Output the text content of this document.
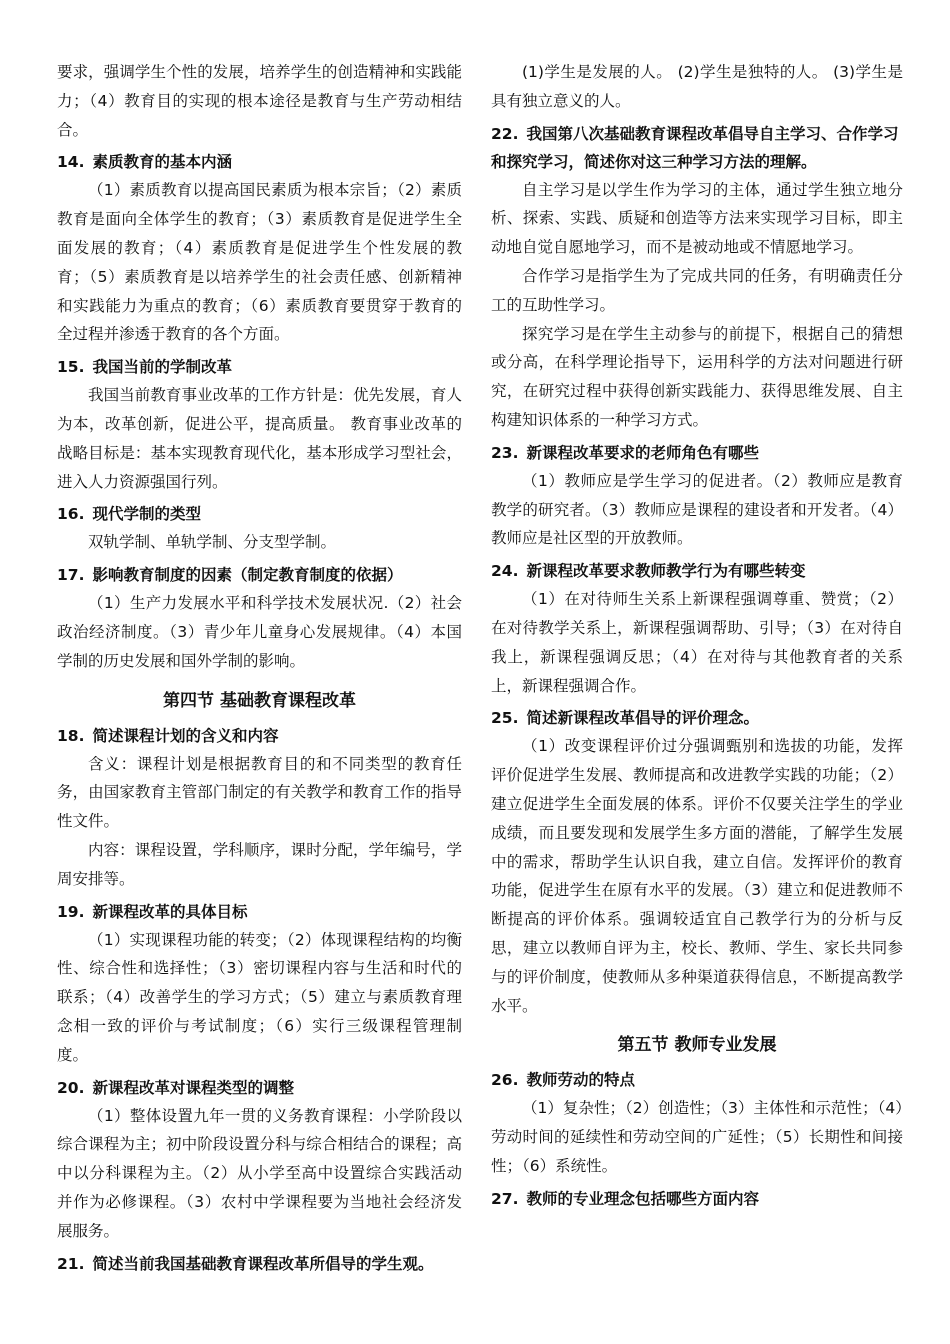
要求，强调学生个性的发展，培养学生的创造精神和实践能力；（4）教育目的实现的根本途径是教育与生产劳动相结合。

14. 素质教育的基本内涵

（1）素质教育以提高国民素质为根本宗旨；（2）素质教育是面向全体学生的教育；（3）素质教育是促进学生全面发展的教育；（4）素质教育是促进学生个性发展的教育；（5）素质教育是以培养学生的社会责任感、创新精神和实践能力为重点的教育；（6）素质教育要贯穿于教育的全过程并渗透于教育的各个方面。

15. 我国当前的学制改革

我国当前教育事业改革的工作方针是：优先发展，育人为本，改革创新，促进公平，提高质量。 教育事业改革的战略目标是：基本实现教育现代化，基本形成学习型社会，进入人力资源强国行列。

16. 现代学制的类型

双轨学制、单轨学制、分支型学制。

17. 影响教育制度的因素（制定教育制度的依据）

（1）生产力发展水平和科学技术发展状况.（2）社会政治经济制度。（3）青少年儿童身心发展规律。（4）本国学制的历史发展和国外学制的影响。

第四节 基础教育课程改革
18. 简述课程计划的含义和内容

含义：课程计划是根据教育目的和不同类型的教育任务，由国家教育主管部门制定的有关教学和教育工作的指导性文件。

内容：课程设置，学科顺序，课时分配，学年编号，学周安排等。

19. 新课程改革的具体目标

（1）实现课程功能的转变；（2）体现课程结构的均衡性、综合性和选择性；（3）密切课程内容与生活和时代的联系；（4）改善学生的学习方式；（5）建立与素质教育理念相一致的评价与考试制度；（6）实行三级课程管理制度。

20. 新课程改革对课程类型的调整

（1）整体设置九年一贯的义务教育课程：小学阶段以综合课程为主；初中阶段设置分科与综合相结合的课程；高中以分科课程为主。（2）从小学至高中设置综合实践活动并作为必修课程。（3）农村中学课程要为当地社会经济发展服务。

21. 简述当前我国基础教育课程改革所倡导的学生观。

(1)学生是发展的人。 (2)学生是独特的人。 (3)学生是具有独立意义的人。

22. 我国第八次基础教育课程改革倡导自主学习、合作学习和探究学习，简述你对这三种学习方法的理解。

自主学习是以学生作为学习的主体，通过学生独立地分析、探索、实践、质疑和创造等方法来实现学习目标，即主动地自觉自愿地学习，而不是被动地或不情愿地学习。

合作学习是指学生为了完成共同的任务，有明确责任分工的互助性学习。

探究学习是在学生主动参与的前提下，根据自己的猜想或分高，在科学理论指导下，运用科学的方法对问题进行研究，在研究过程中获得创新实践能力、获得思维发展、自主构建知识体系的一种学习方式。

23. 新课程改革要求的老师角色有哪些

（1）教师应是学生学习的促进者。（2）教师应是教育教学的研究者。（3）教师应是课程的建设者和开发者。（4）教师应是社区型的开放教师。

24. 新课程改革要求教师教学行为有哪些转变

（1）在对待师生关系上新课程强调尊重、赞赏；（2）在对待教学关系上，新课程强调帮助、引导；（3）在对待自我上，新课程强调反思；（4）在对待与其他教育者的关系上，新课程强调合作。

25. 简述新课程改革倡导的评价理念。

（1）改变课程评价过分强调甄别和选拔的功能，发挥评价促进学生发展、教师提高和改进教学实践的功能；（2）建立促进学生全面发展的体系。评价不仅要关注学生的学业成绩，而且要发现和发展学生多方面的潜能，了解学生发展中的需求，帮助学生认识自我，建立自信。发挥评价的教育功能，促进学生在原有水平的发展。（3）建立和促进教师不断提高的评价体系。强调较适宜自己教学行为的分析与反思，建立以教师自评为主，校长、教师、学生、家长共同参与的评价制度，使教师从多种渠道获得信息，不断提高教学水平。

第五节 教师专业发展
26. 教师劳动的特点

（1）复杂性；（2）创造性；（3）主体性和示范性；（4）劳动时间的延续性和劳动空间的广延性；（5）长期性和间接性；（6）系统性。

27. 教师的专业理念包括哪些方面内容
